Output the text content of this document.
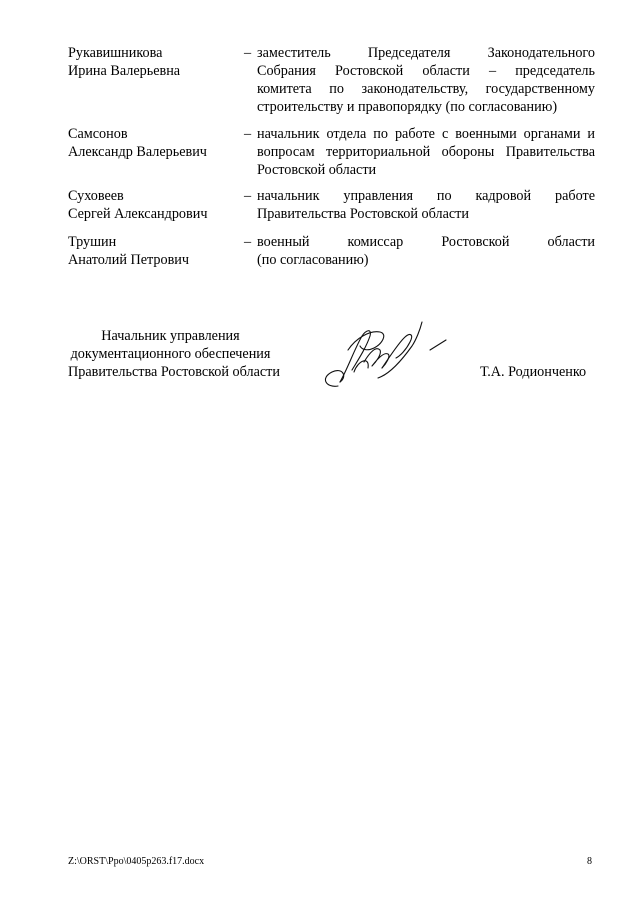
Рукавишникова
Ирина Валерьевна
– заместитель Председателя Законодательного
Собрания Ростовской области – председатель
комитета по законодательству, государственному
строительству и правопорядку (по согласованию)
Самсонов
Александр Валерьевич
– начальник отдела по работе с военными органами и
вопросам территориальной обороны Правительства
Ростовской области
Суховеев
Сергей Александрович
– начальник управления по кадровой работе
Правительства Ростовской области
Трушин
Анатолий Петрович
– военный комиссар Ростовской области
(по согласованию)
Начальник управления
документационного обеспечения
Правительства Ростовской области	Т.А. Родионченко
Z:\ORST\Ppo\0405p263.f17.docx	8
